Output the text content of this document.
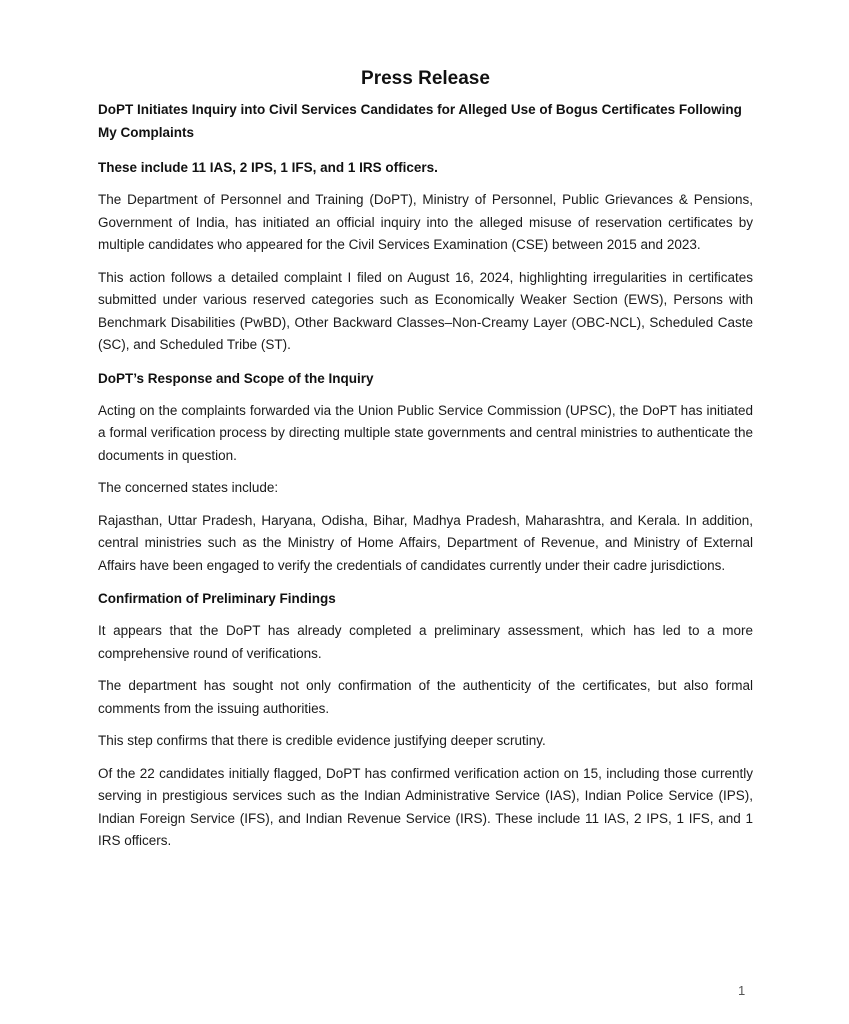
Press Release
DoPT Initiates Inquiry into Civil Services Candidates for Alleged Use of Bogus Certificates Following My Complaints
These include 11 IAS, 2 IPS, 1 IFS, and 1 IRS officers.

The Department of Personnel and Training (DoPT), Ministry of Personnel, Public Grievances & Pensions, Government of India, has initiated an official inquiry into the alleged misuse of reservation certificates by multiple candidates who appeared for the Civil Services Examination (CSE) between 2015 and 2023.

This action follows a detailed complaint I filed on August 16, 2024, highlighting irregularities in certificates submitted under various reserved categories such as Economically Weaker Section (EWS), Persons with Benchmark Disabilities (PwBD), Other Backward Classes–Non-Creamy Layer (OBC-NCL), Scheduled Caste (SC), and Scheduled Tribe (ST).

DoPT’s Response and Scope of the Inquiry

Acting on the complaints forwarded via the Union Public Service Commission (UPSC), the DoPT has initiated a formal verification process by directing multiple state governments and central ministries to authenticate the documents in question.

The concerned states include:

Rajasthan, Uttar Pradesh, Haryana, Odisha, Bihar, Madhya Pradesh, Maharashtra, and Kerala. In addition, central ministries such as the Ministry of Home Affairs, Department of Revenue, and Ministry of External Affairs have been engaged to verify the credentials of candidates currently under their cadre jurisdictions.

Confirmation of Preliminary Findings

It appears that the DoPT has already completed a preliminary assessment, which has led to a more comprehensive round of verifications.

The department has sought not only confirmation of the authenticity of the certificates, but also formal comments from the issuing authorities.

This step confirms that there is credible evidence justifying deeper scrutiny.

Of the 22 candidates initially flagged, DoPT has confirmed verification action on 15, including those currently serving in prestigious services such as the Indian Administrative Service (IAS), Indian Police Service (IPS), Indian Foreign Service (IFS), and Indian Revenue Service (IRS). These include 11 IAS, 2 IPS, 1 IFS, and 1 IRS officers.

1
